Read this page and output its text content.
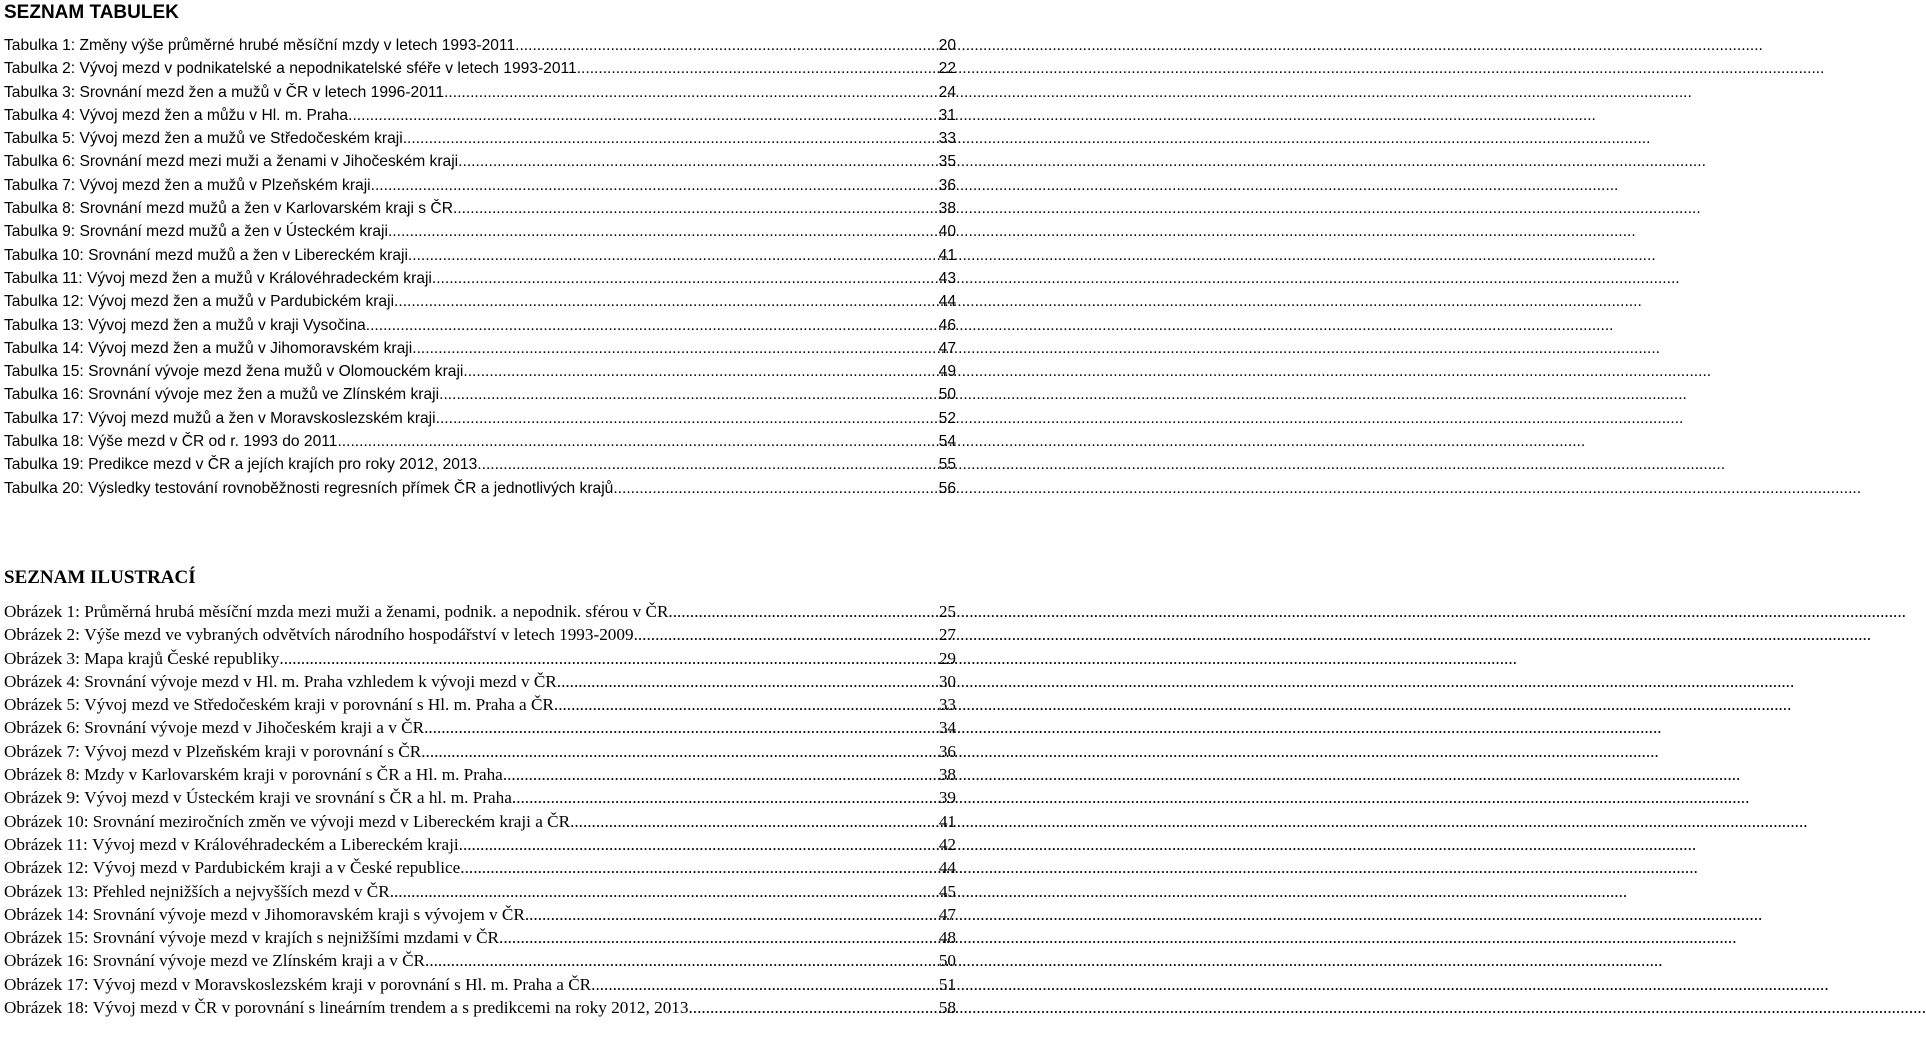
SEZNAM TABULEK
Tabulka 1:
Změny výše průměrné hrubé měsíční mzdy v letech 1993-2011 .....	20
Tabulka 2:
Vývoj mezd v podnikatelské a nepodnikatelské sféře v letech 1993-2011 .....	22
Tabulka 3:
Srovnání mezd žen a mužů v ČR v letech 1996-2011 .....	24
Tabulka 4:
Vývoj mezd žen a můžu v Hl. m. Praha .....	31
Tabulka 5:
Vývoj mezd žen a mužů ve Středočeském kraji .....	33
Tabulka 6:
Srovnání mezd mezi muži a ženami v Jihočeském kraji .....	35
Tabulka 7:
Vývoj mezd žen a mužů v Plzeňském kraji .....	36
Tabulka 8:
Srovnání mezd mužů a žen v Karlovarském kraji s ČR .....	38
Tabulka 9:
Srovnání mezd mužů a žen v Ústeckém kraji .....	40
Tabulka 10:
Srovnání mezd mužů a žen v Libereckém kraji .....	41
Tabulka 11:
Vývoj mezd žen a mužů v Královéhradeckém kraji .....	43
Tabulka 12:
Vývoj mezd žen a mužů v Pardubickém kraji .....	44
Tabulka 13:
Vývoj mezd žen a mužů v kraji Vysočina .....	46
Tabulka 14:
Vývoj mezd žen a mužů v Jihomoravském kraji .....	47
Tabulka 15:
Srovnání vývoje mezd žena mužů v Olomouckém kraji .....	49
Tabulka 16:
Srovnání vývoje mez žen a mužů ve Zlínském kraji .....	50
Tabulka 17:
Vývoj mezd mužů a žen v Moravskoslezském kraji .....	52
Tabulka 18:
Výše mezd v ČR od r. 1993 do 2011 .....	54
Tabulka 19:
Predikce mezd v ČR a jejích krajích pro roky 2012, 2013 .....	55
Tabulka 20:
Výsledky testování rovnoběžnosti regresních přímek ČR a jednotlivých krajů .....	56
SEZNAM ILUSTRACÍ
Obrázek 1:
Průměrná hrubá měsíční mzda mezi muži a ženami, podnik. a nepodnik. sférou v ČR .....	25
Obrázek 2:
Výše mezd ve vybraných odvětvích národního hospodářství v letech 1993-2009 .....	27
Obrázek 3:
Mapa krajů České republiky .....	29
Obrázek 4:
Srovnání vývoje mezd v Hl. m. Praha vzhledem k vývoji mezd v ČR .....	30
Obrázek 5:
Vývoj mezd ve Středočeském kraji v porovnání s Hl. m. Praha a ČR .....	33
Obrázek 6:
Srovnání vývoje mezd v Jihočeském kraji a v ČR .....	34
Obrázek 7:
Vývoj mezd v Plzeňském kraji v porovnání s ČR .....	36
Obrázek 8:
Mzdy v Karlovarském kraji v porovnání s ČR a Hl. m. Praha .....	38
Obrázek 9:
Vývoj mezd v Ústeckém kraji ve srovnání s ČR a hl. m. Praha .....	39
Obrázek 10:
Srovnání meziročních změn ve vývoji mezd v Libereckém kraji a ČR .....	41
Obrázek 11:
Vývoj mezd v Královéhradeckém a Libereckém kraji .....	42
Obrázek 12:
Vývoj mezd v Pardubickém kraji a v České republice .....	44
Obrázek 13:
Přehled nejnižších a nejvyšších mezd v ČR .....	45
Obrázek 14:
Srovnání vývoje mezd v Jihomoravském kraji s vývojem v ČR .....	47
Obrázek 15:
Srovnání vývoje mezd v krajích s nejnižšími mzdami v ČR .....	48
Obrázek 16:
Srovnání vývoje mezd ve Zlínském kraji a v ČR .....	50
Obrázek 17:
Vývoj mezd v Moravskoslezském kraji v porovnání s Hl. m. Praha a ČR .....	51
Obrázek 18:
Vývoj mezd v ČR v porovnání s lineárním trendem a s predikcemi na roky 2012, 2013 .....	58
